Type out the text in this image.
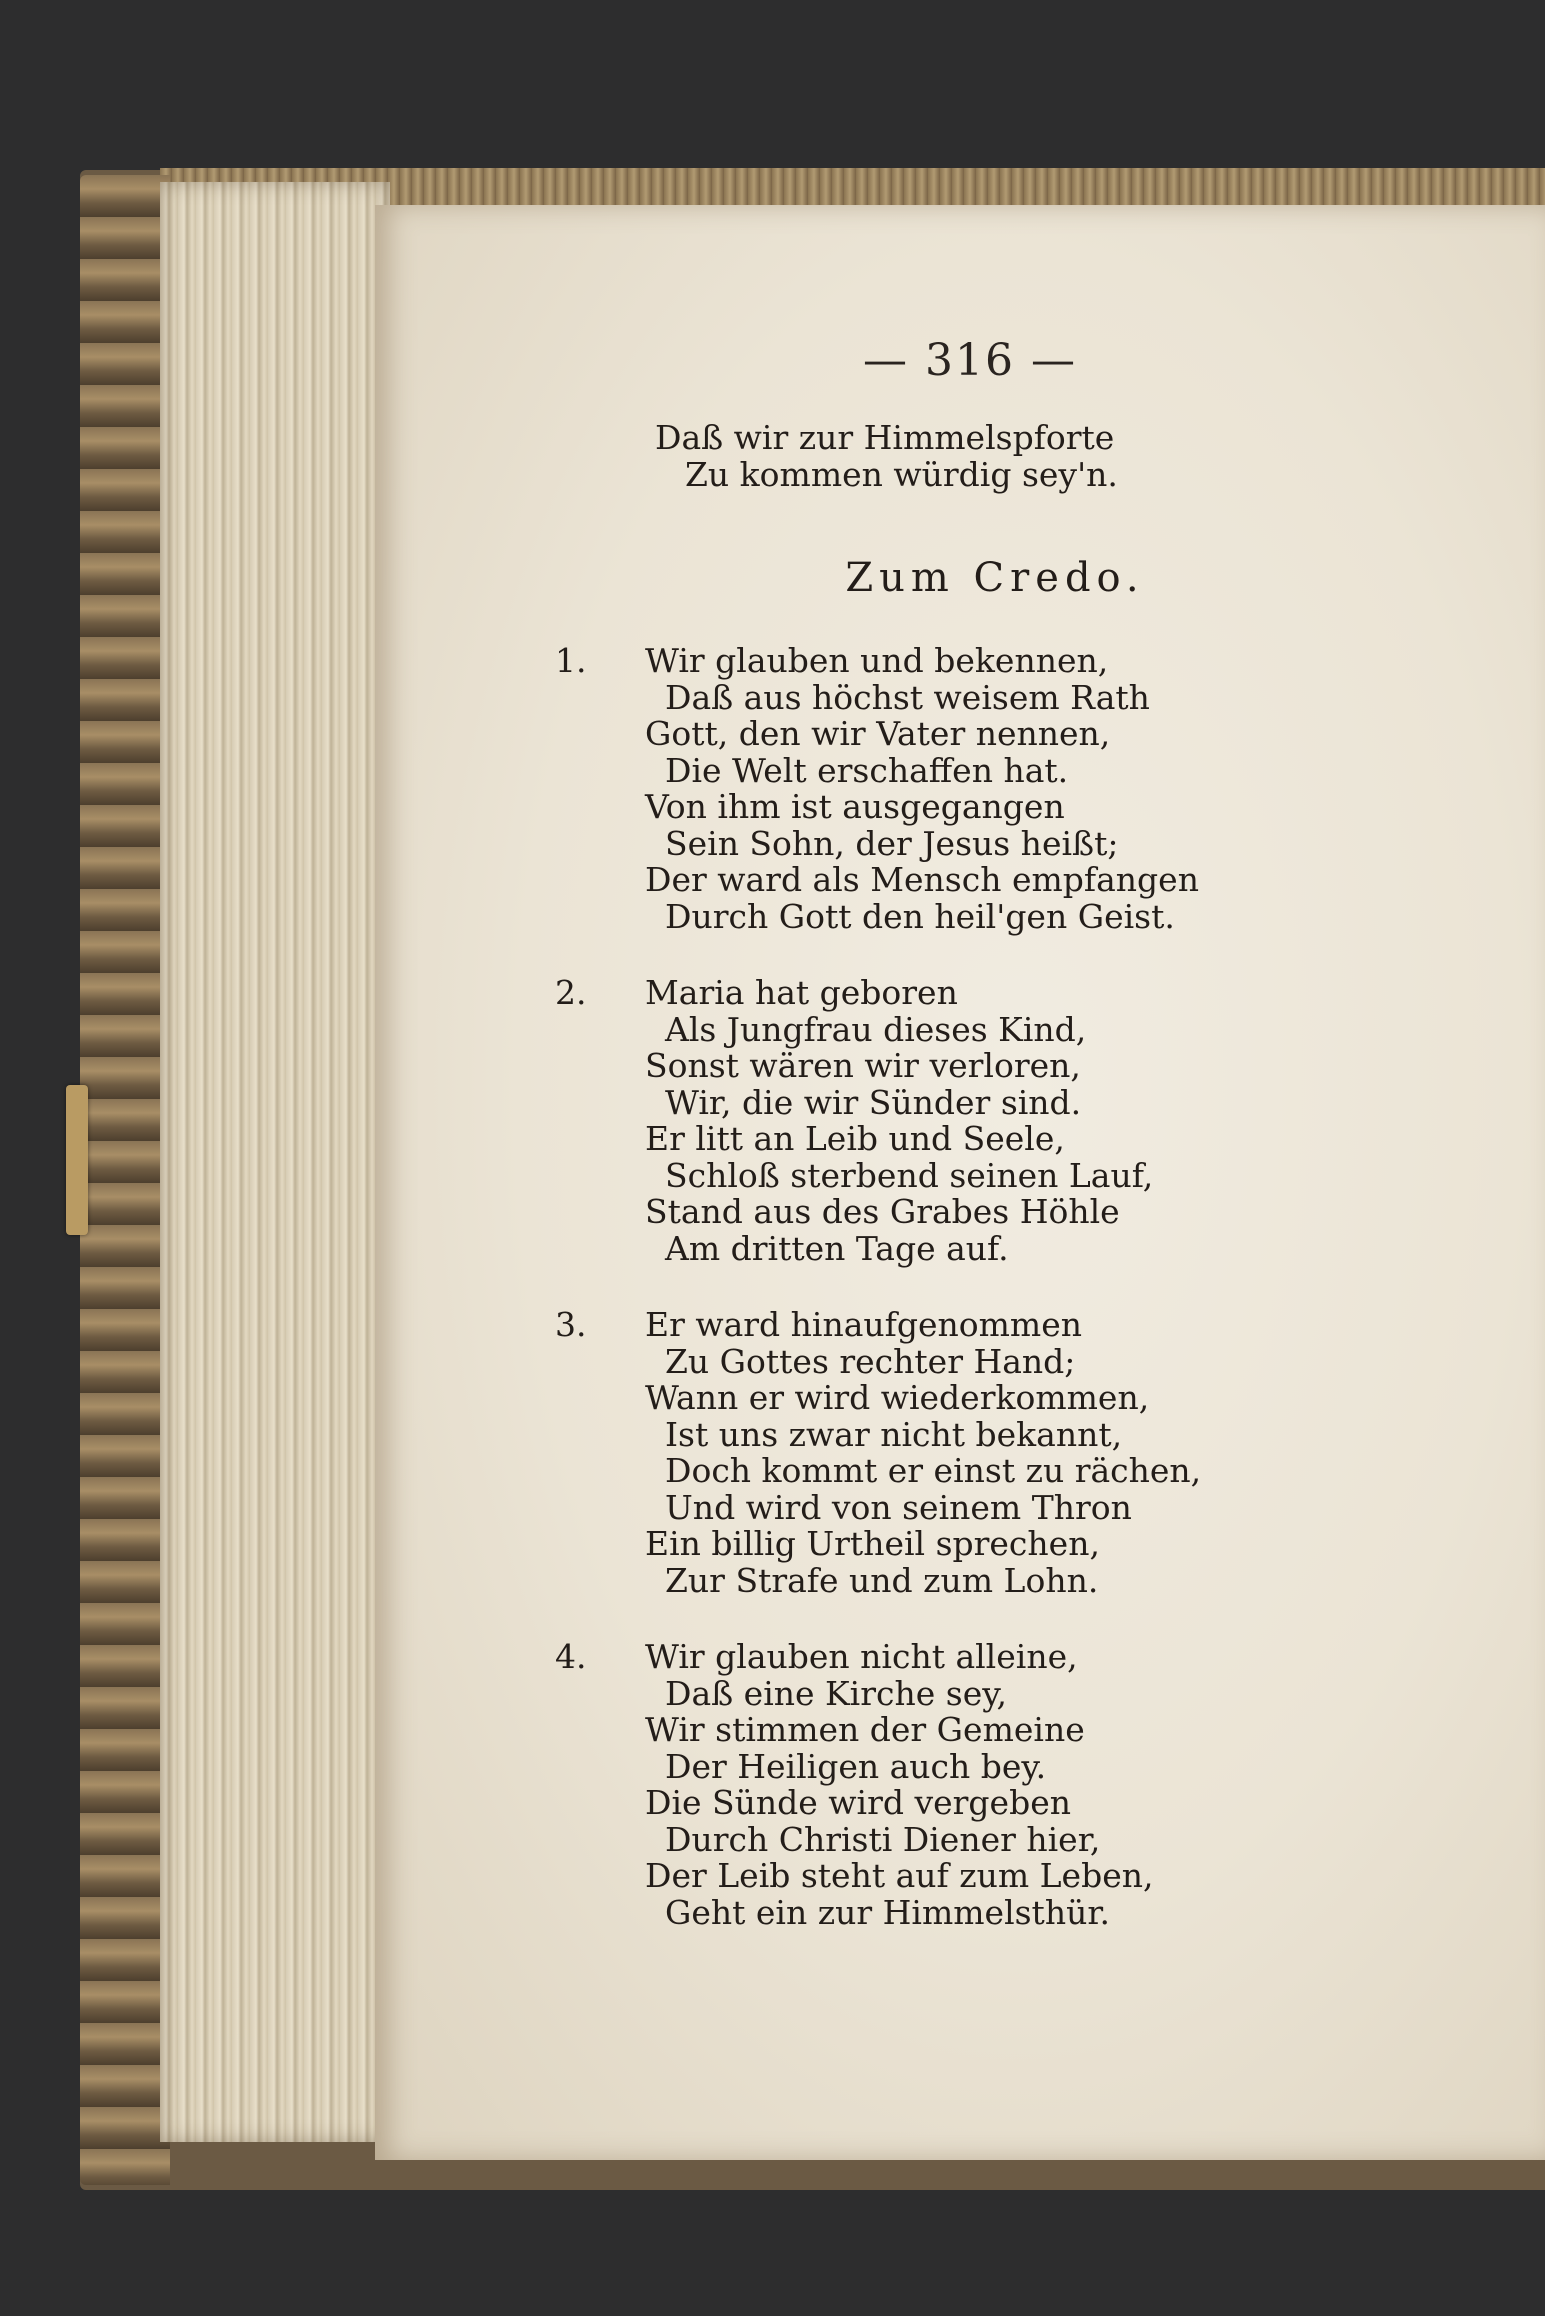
— 316 —
Daß wir zur Himmelspforte
Zu kommen würdig sey'n.
Zum Credo.
1.	Wir glauben und bekennen,
Daß aus höchst weisem Rath
Gott, den wir Vater nennen,
Die Welt erschaffen hat.
Von ihm ist ausgegangen
Sein Sohn, der Jesus heißt;
Der ward als Mensch empfangen
Durch Gott den heil'gen Geist.
2.	Maria hat geboren
Als Jungfrau dieses Kind,
Sonst wären wir verloren,
Wir, die wir Sünder sind.
Er litt an Leib und Seele,
Schloß sterbend seinen Lauf,
Stand aus des Grabes Höhle
Am dritten Tage auf.
3.	Er ward hinaufgenommen
Zu Gottes rechter Hand;
Wann er wird wiederkommen,
Ist uns zwar nicht bekannt,
Doch kommt er einst zu rächen,
Und wird von seinem Thron
Ein billig Urtheil sprechen,
Zur Strafe und zum Lohn.
4.	Wir glauben nicht alleine,
Daß eine Kirche sey,
Wir stimmen der Gemeine
Der Heiligen auch bey.
Die Sünde wird vergeben
Durch Christi Diener hier,
Der Leib steht auf zum Leben,
Geht ein zur Himmelsthür.
